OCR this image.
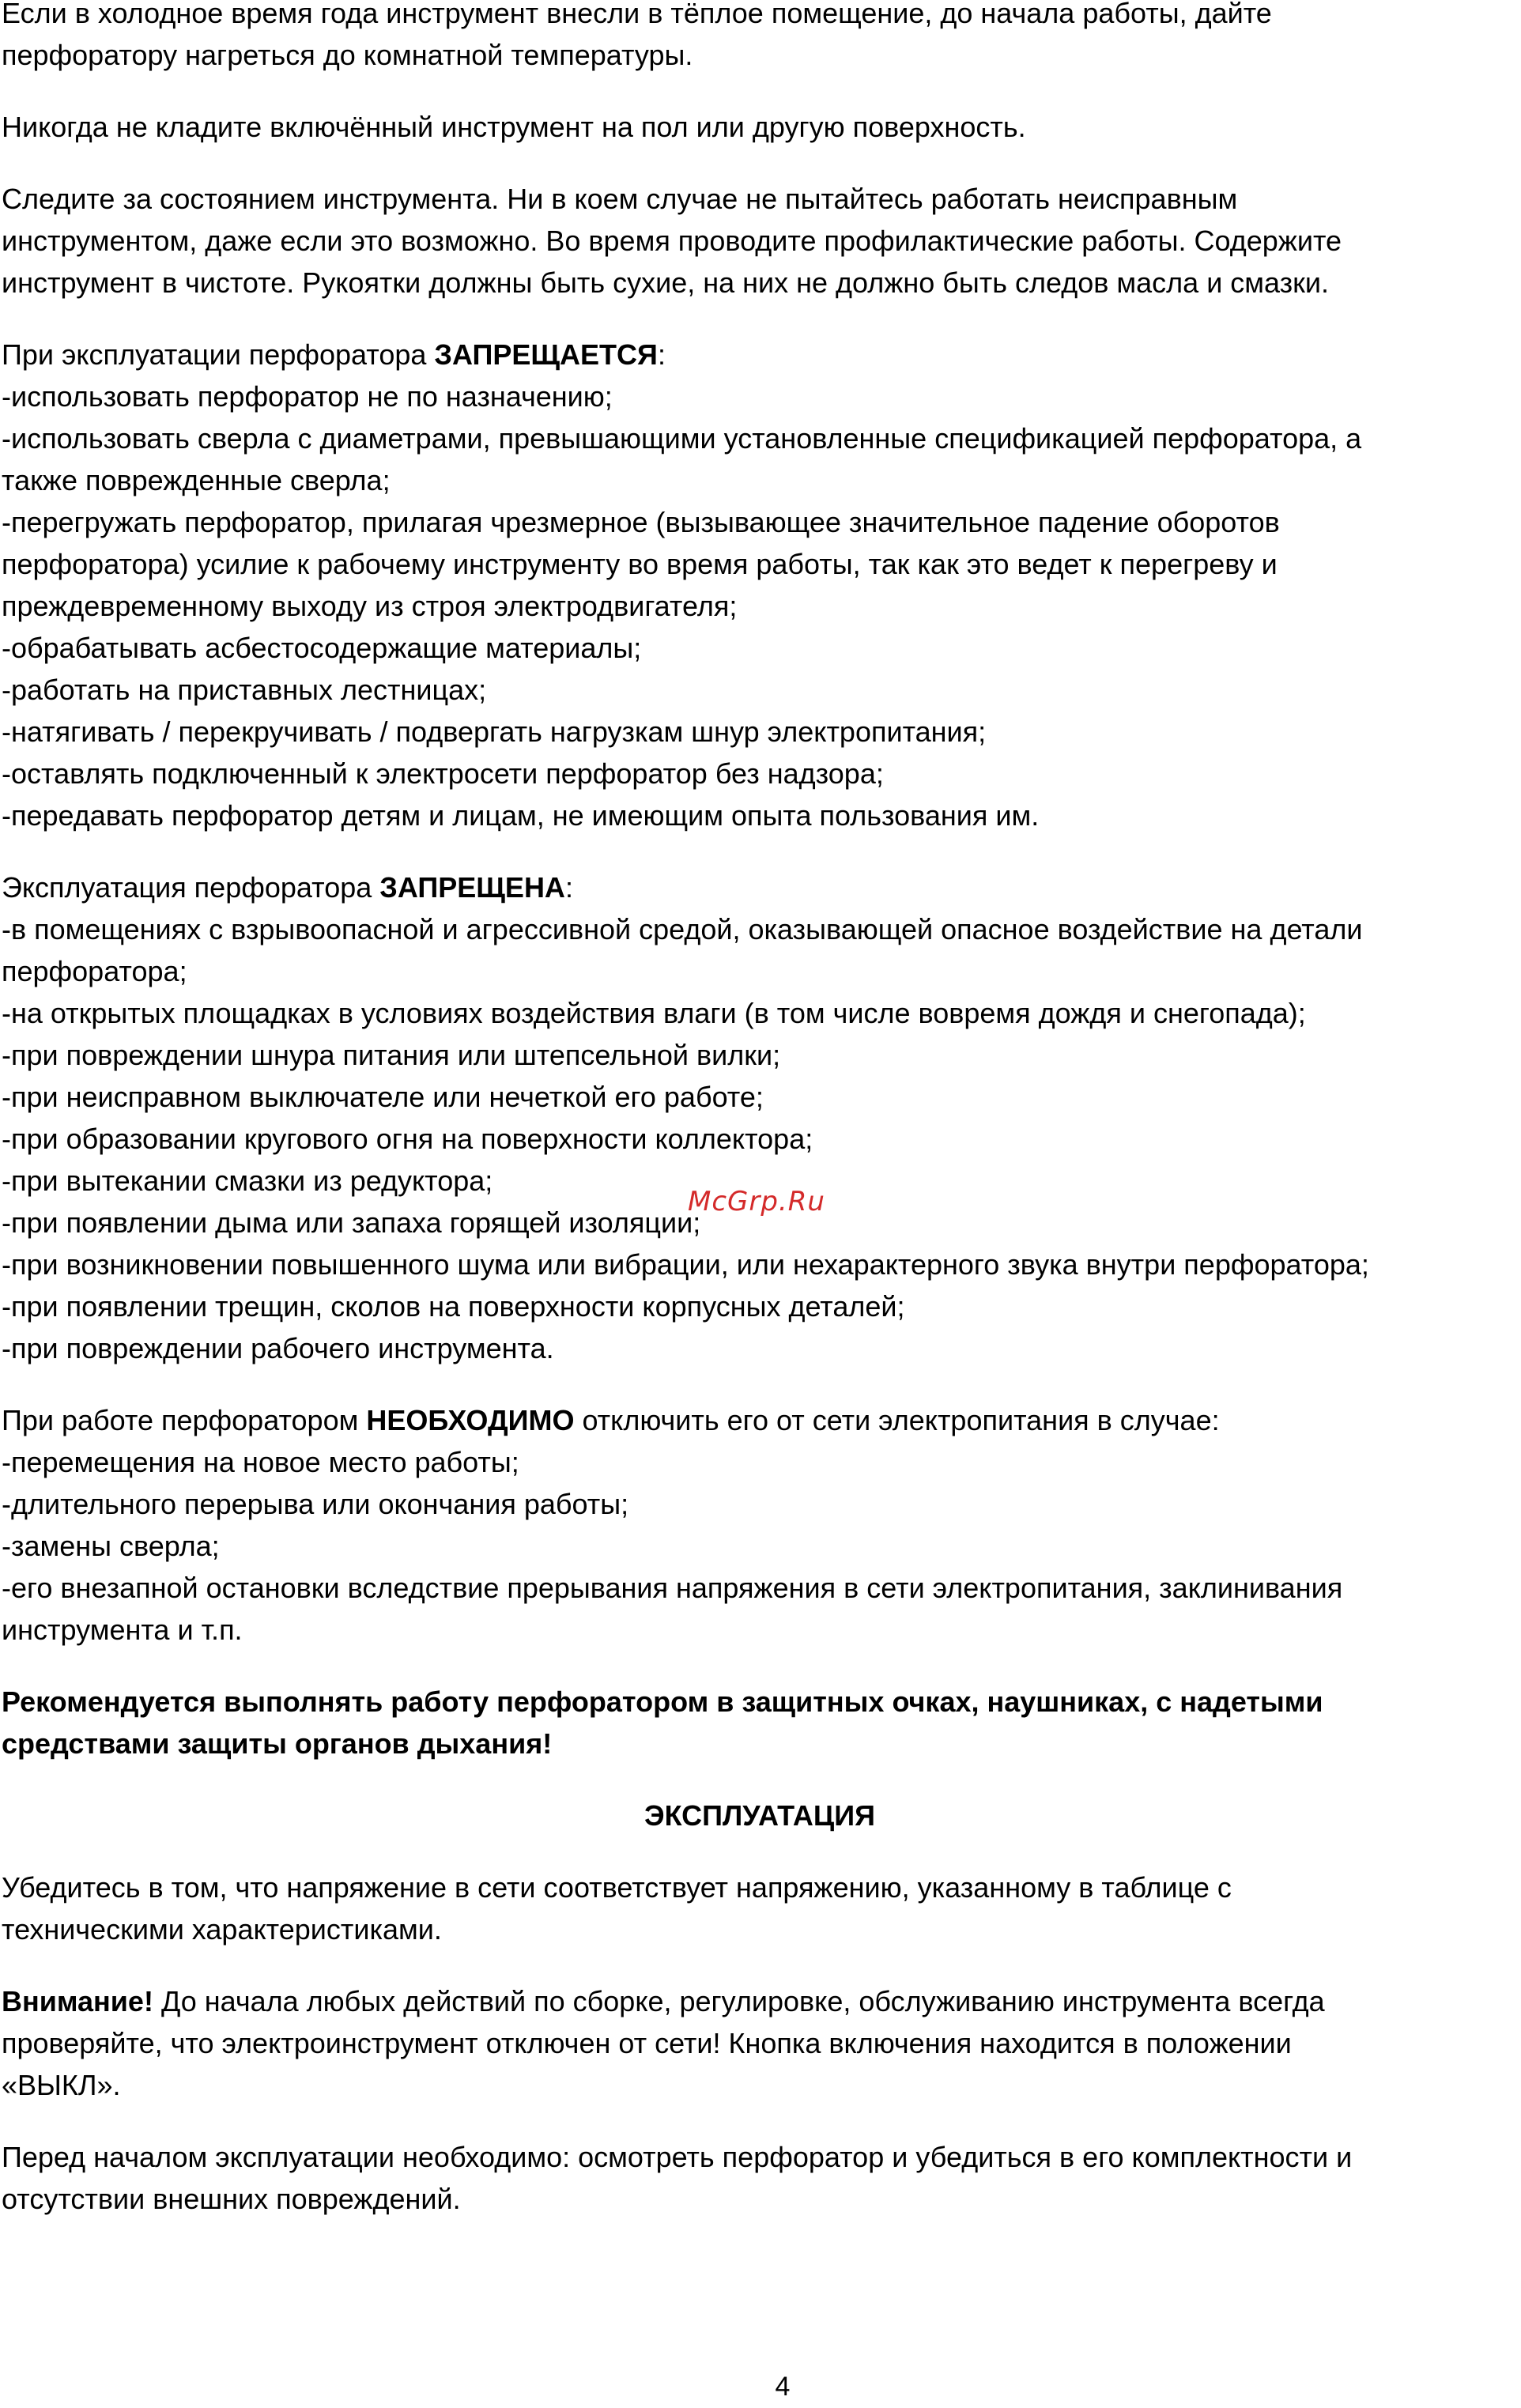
Если в холодное время года инструмент внесли в тёплое помещение, до начала работы, дайте
перфоратору нагреться до комнатной температуры.

Никогда не кладите включённый инструмент на пол или другую поверхность.

Следите за состоянием инструмента. Ни в коем случае не пытайтесь работать неисправным
инструментом, даже если это возможно. Во время проводите профилактические работы. Содержите
инструмент в чистоте. Рукоятки должны быть сухие, на них не должно быть следов масла и смазки.

При эксплуатации перфоратора ЗАПРЕЩАЕТСЯ:
-использовать перфоратор не по назначению;
-использовать сверла с диаметрами, превышающими установленные спецификацией перфоратора, а
также поврежденные сверла;
-перегружать перфоратор, прилагая чрезмерное (вызывающее значительное падение оборотов
перфоратора) усилие к рабочему инструменту во время работы, так как это ведет к перегреву и
преждевременному выходу из строя электродвигателя;
-обрабатывать асбестосодержащие материалы;
-работать на приставных лестницах;
-натягивать / перекручивать / подвергать нагрузкам шнур электропитания;
-оставлять подключенный к электросети перфоратор без надзора;
-передавать перфоратор детям и лицам, не имеющим опыта пользования им.
Эксплуатация перфоратора ЗАПРЕЩЕНА:
-в помещениях с взрывоопасной и агрессивной средой, оказывающей опасное воздействие на детали
перфоратора;
-на открытых площадках в условиях воздействия влаги (в том числе вовремя дождя и снегопада);
-при повреждении шнура питания или штепсельной вилки;
-при неисправном выключателе или нечеткой его работе;
-при образовании кругового огня на поверхности коллектора;
-при вытекании смазки из редуктора;
-при появлении дыма или запаха горящей изоляции;
-при возникновении повышенного шума или вибрации, или нехарактерного звука внутри перфоратора;
-при появлении трещин, сколов на поверхности корпусных деталей;
-при повреждении рабочего инструмента.
При работе перфоратором НЕОБХОДИМО отключить его от сети электропитания в случае:
-перемещения на новое место работы;
-длительного перерыва или окончания работы;
-замены сверла;
-его внезапной остановки вследствие прерывания напряжения в сети электропитания, заклинивания
инструмента и т.п.

Рекомендуется выполнять работу перфоратором в защитных очках, наушниках, с надетыми
средствами защиты органов дыхания!

ЭКСПЛУАТАЦИЯ

Убедитесь в том, что напряжение в сети соответствует напряжению, указанному в таблице с
техническими характеристиками.

Внимание! До начала любых действий по сборке, регулировке, обслуживанию инструмента всегда
проверяйте, что электроинструмент отключен от сети! Кнопка включения находится в положении
«ВЫКЛ».

Перед началом эксплуатации необходимо: осмотреть перфоратор и убедиться в его комплектности и
отсутствии внешних повреждений.

McGrp.Ru
4
